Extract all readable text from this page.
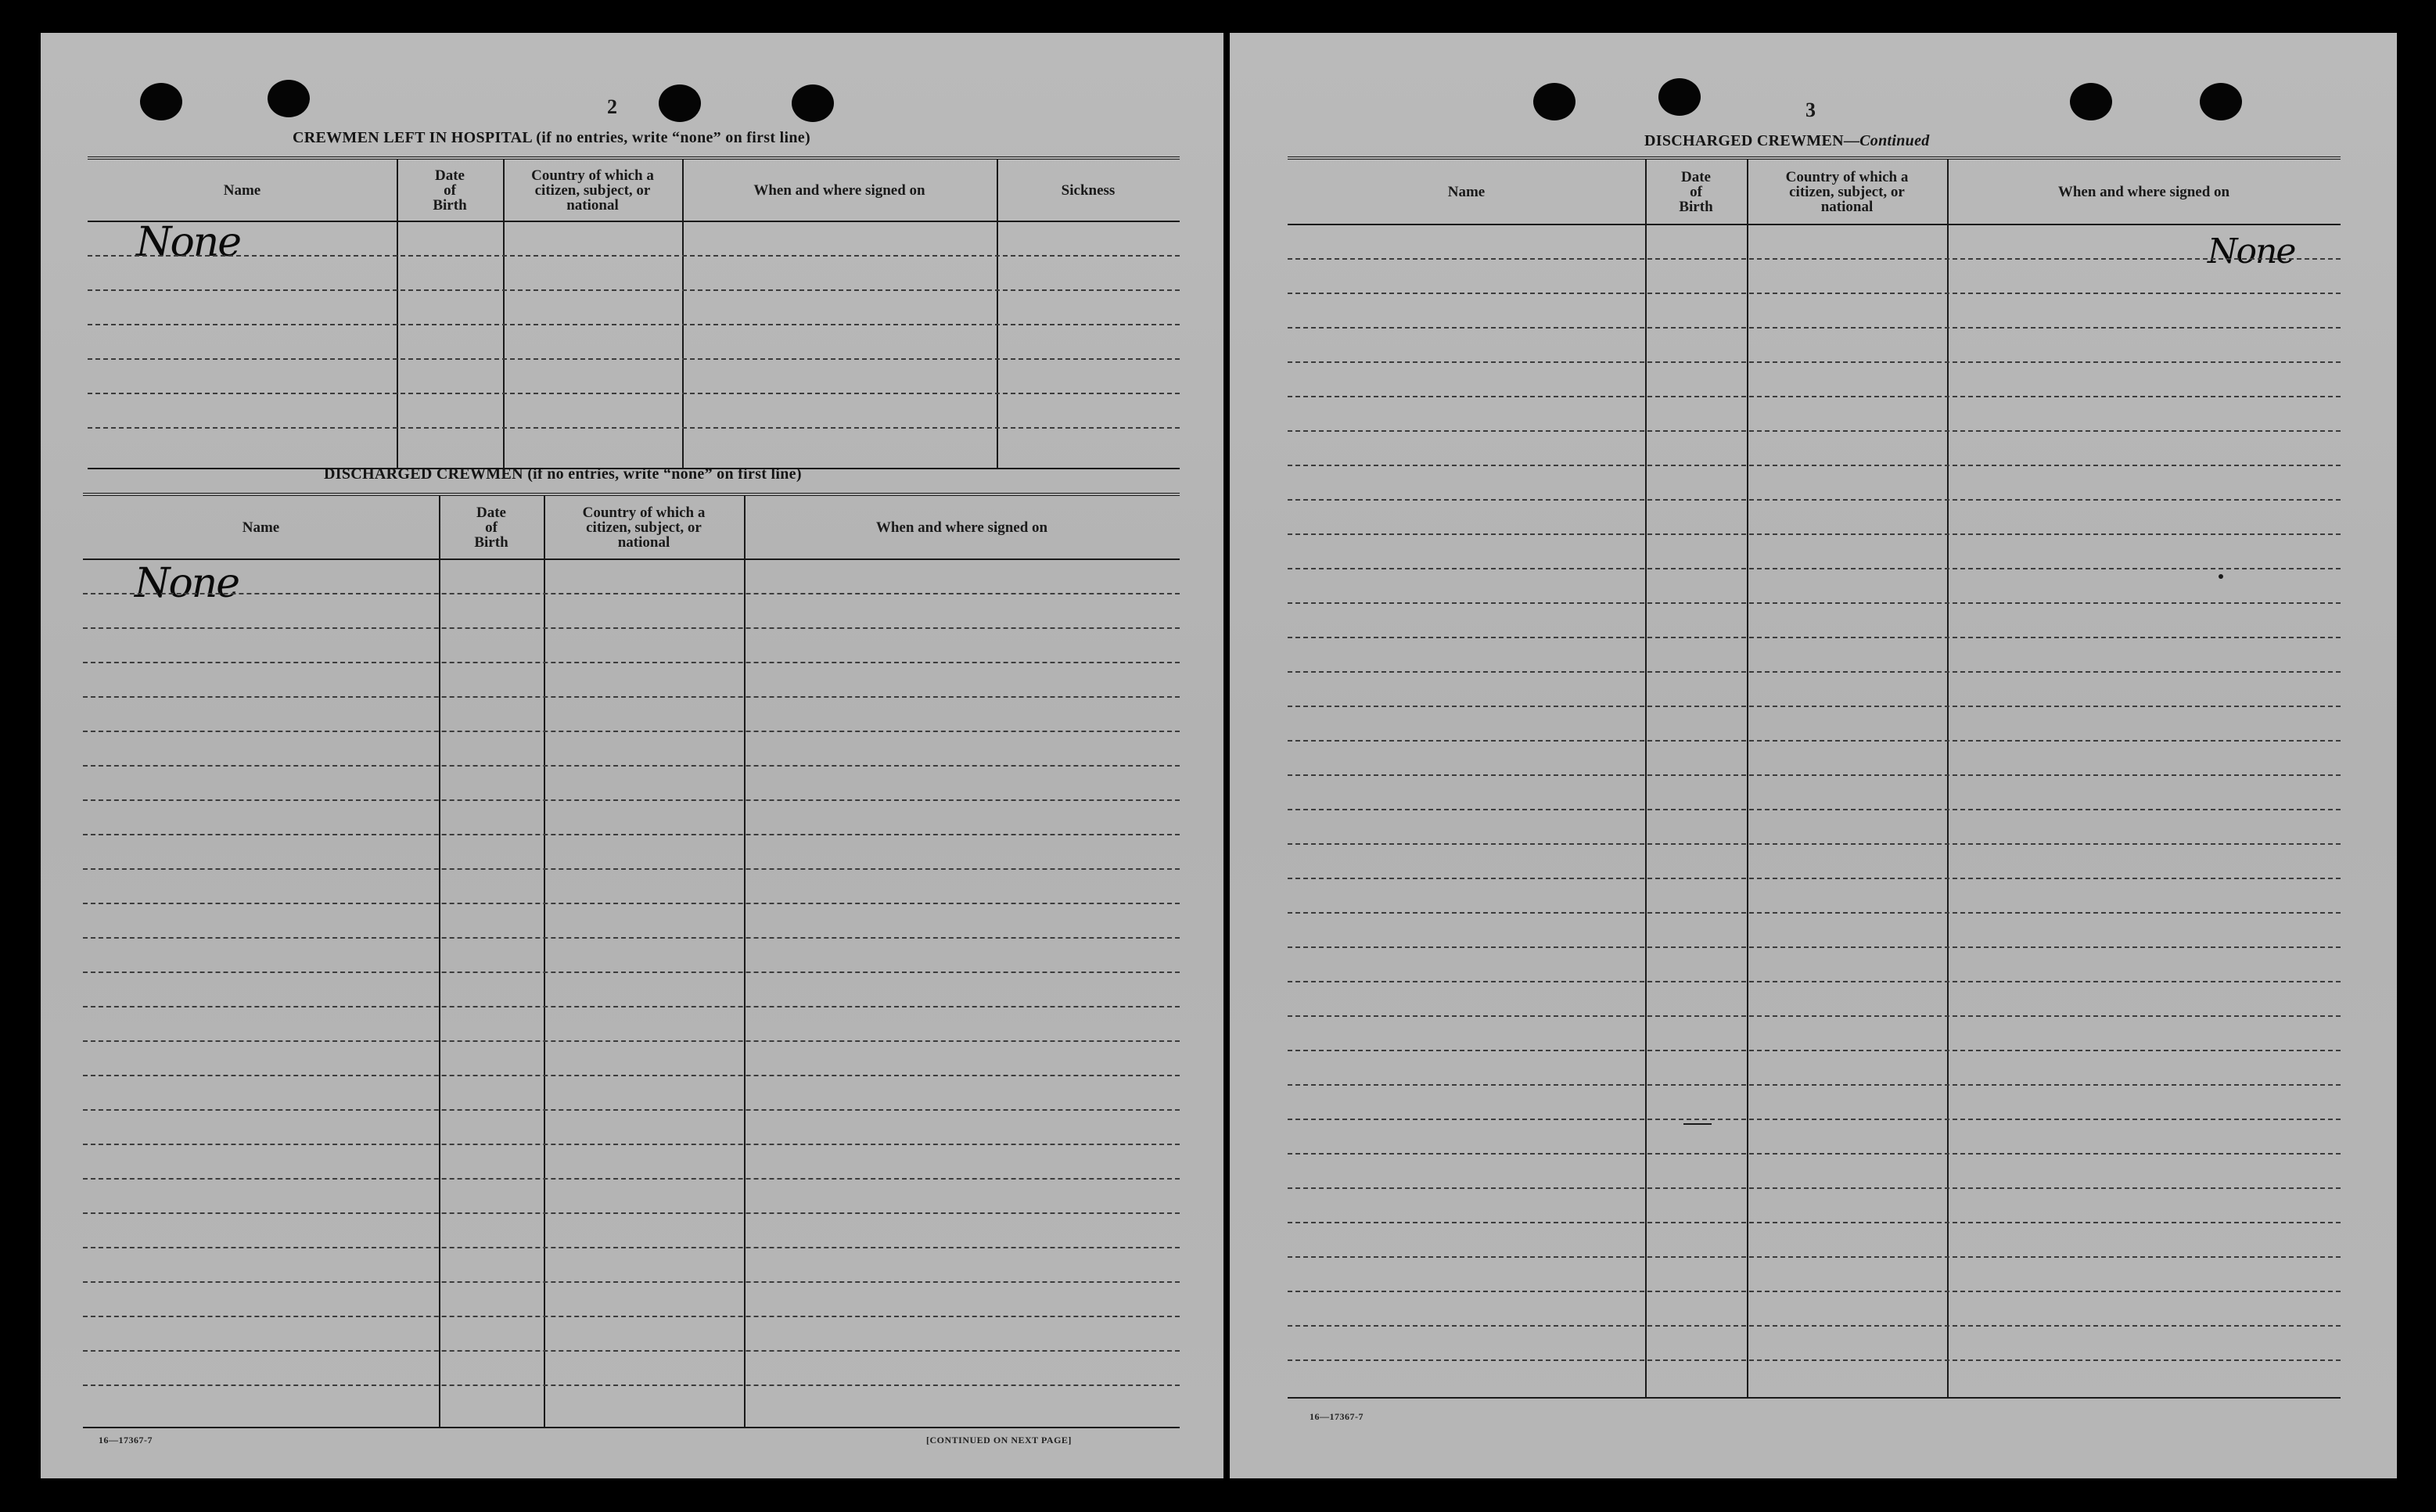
2
CREWMEN LEFT IN HOSPITAL (if no entries, write “none” on first line)
Name
Date
of
Birth
Country of which a
citizen, subject, or
national
When and where signed on	Sickness
None
DISCHARGED CREWMEN (if no entries, write “none” on first line)
Name
Date
of
Birth
Country of which a
citizen, subject, or
national
When and where signed on
None
16—17367-7	[CONTINUED ON NEXT PAGE]
3
DISCHARGED CREWMEN—Continued
Name
Date
of
Birth
Country of which a
citizen, subject, or
national
When and where signed on
None
16—17367-7
